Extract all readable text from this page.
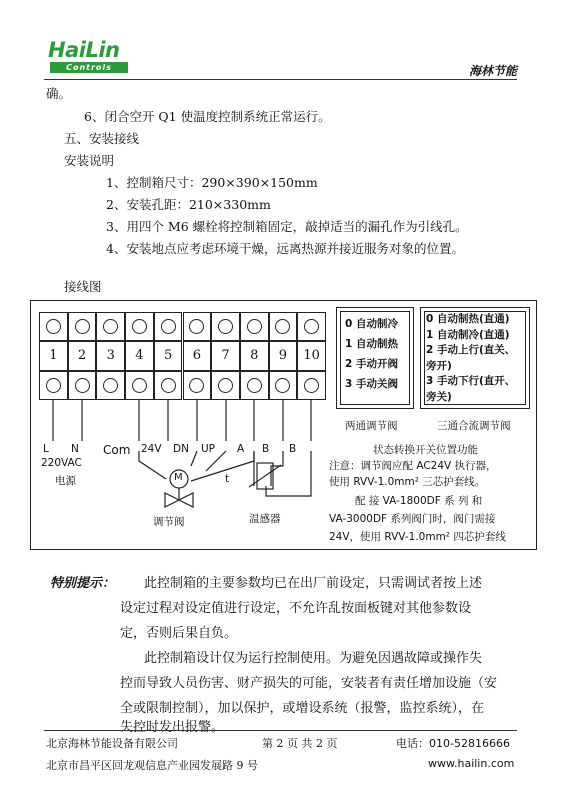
HaiLin
Controls	海林节能
确。
6、闭合空开 Q1 使温度控制系统正常运行。
五、安装接线
安装说明
1、控制箱尺寸：290×390×150mm
2、安装孔距：210×330mm
3、用四个 M6 螺栓将控制箱固定，敲掉适当的漏孔作为引线孔。
4、安装地点应考虑环境干燥，远离热源并接近服务对象的位置。
接线图
1	2	3	4	5	6	7	8	9	10
L N Com 24V DN UP A B B
220VAC
电源	M	t
调节阀	温感器
0 自动制冷
1 自动制热
2 手动开阀
3 手动关阀
0 自动制热(直通)
1 自动制冷(直通)
2 手动上行(直关、
旁开)
3 手动下行(直开、
旁关)
两通调节阀	三通合流调节阀
状态转换开关位置功能
注意：调节阀应配 AC24V 执行器，
使用 RVV-1.0mm² 三芯护套线。
配 接 VA-1800DF 系 列 和
VA-3000DF 系列阀门时，阀门需接
24V，使用 RVV-1.0mm² 四芯护套线
特别提示： 此控制箱的主要参数均已在出厂前设定，只需调试者按上述
设定过程对设定值进行设定，不允许乱按面板键对其他参数设
定，否则后果自负。
此控制箱设计仅为运行控制使用。为避免因遇故障或操作失
控而导致人员伤害、财产损失的可能，安装者有责任增加设施（安
全或限制控制），加以保护，或增设系统（报警，监控系统），在
失控时发出报警。
北京海林节能设备有限公司	第 2 页 共 2 页	电话：010-52816666
北京市昌平区回龙观信息产业园发展路 9 号	www.hailin.com
